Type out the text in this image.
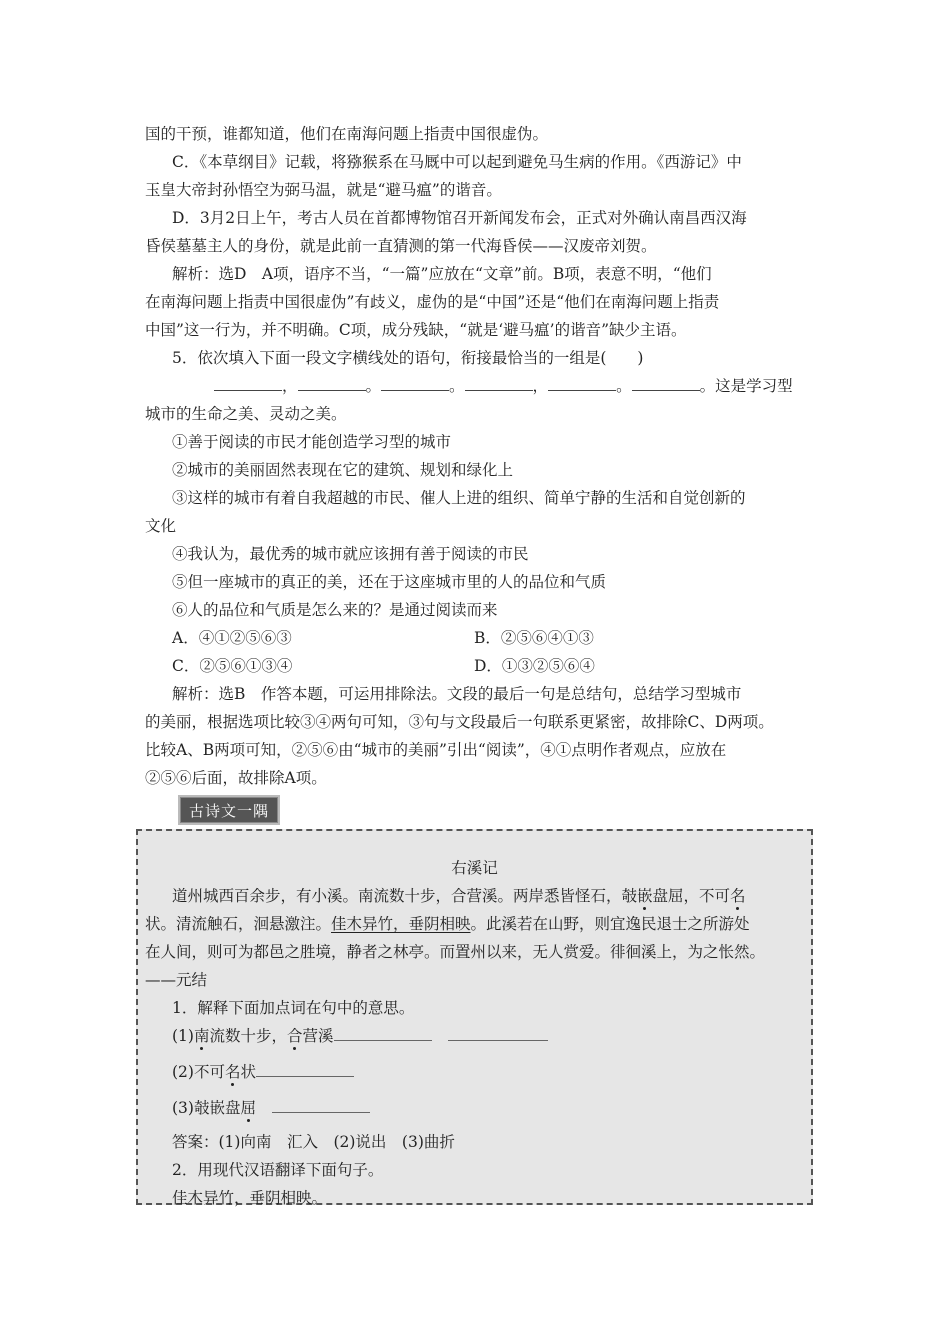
国的干预，谁都知道，他们在南海问题上指责中国很虚伪。
C．《本草纲目》记载，将猕猴系在马厩中可以起到避免马生病的作用。《西游记》中
玉皇大帝封孙悟空为弼马温，就是“避马瘟”的谐音。
D．3月2日上午，考古人员在首都博物馆召开新闻发布会，正式对外确认南昌西汉海
昏侯墓墓主人的身份，就是此前一直猜测的第一代海昏侯——汉废帝刘贺。
解析：选D　A项，语序不当，“一篇”应放在“文章”前。B项，表意不明，“他们
在南海问题上指责中国很虚伪”有歧义，虚伪的是“中国”还是“他们在南海问题上指责
中国”这一行为，并不明确。C项，成分残缺，“就是‘避马瘟’的谐音”缺少主语。
5．依次填入下面一段文字横线处的语句，衔接最恰当的一组是(　　)
，	。	。	，	。	。这是学习型
城市的生命之美、灵动之美。
①善于阅读的市民才能创造学习型的城市
②城市的美丽固然表现在它的建筑、规划和绿化上
③这样的城市有着自我超越的市民、催人上进的组织、简单宁静的生活和自觉创新的
文化
④我认为，最优秀的城市就应该拥有善于阅读的市民
⑤但一座城市的真正的美，还在于这座城市里的人的品位和气质
⑥人的品位和气质是怎么来的？是通过阅读而来
A．④①②⑤⑥③	B．②⑤⑥④①③
C．②⑤⑥①③④	D．①③②⑤⑥④
解析：选B　作答本题，可运用排除法。文段的最后一句是总结句，总结学习型城市
的美丽，根据选项比较③④两句可知，③句与文段最后一句联系更紧密，故排除C、D两项。
比较A、B两项可知，②⑤⑥由“城市的美丽”引出“阅读”，④①点明作者观点，应放在
②⑤⑥后面，故排除A项。
古诗文一隅
右溪记
道州城西百余步，有小溪。南流数十步，合营溪。两岸悉皆怪石，攲嵌盘屈，不可名
状。清流触石，洄悬激注。佳木异竹，垂阴相映。此溪若在山野，则宜逸民退士之所游处
在人间，则可为都邑之胜境，静者之林亭。而置州以来，无人赏爱。徘徊溪上，为之怅然。
——元结
1．解释下面加点词在句中的意思。
(1)南流数十步，合营溪
(2)不可名状
(3)攲嵌盘屈
答案：(1)向南　汇入　(2)说出　(3)曲折
2．用现代汉语翻译下面句子。
佳木异竹，垂阴相映。
